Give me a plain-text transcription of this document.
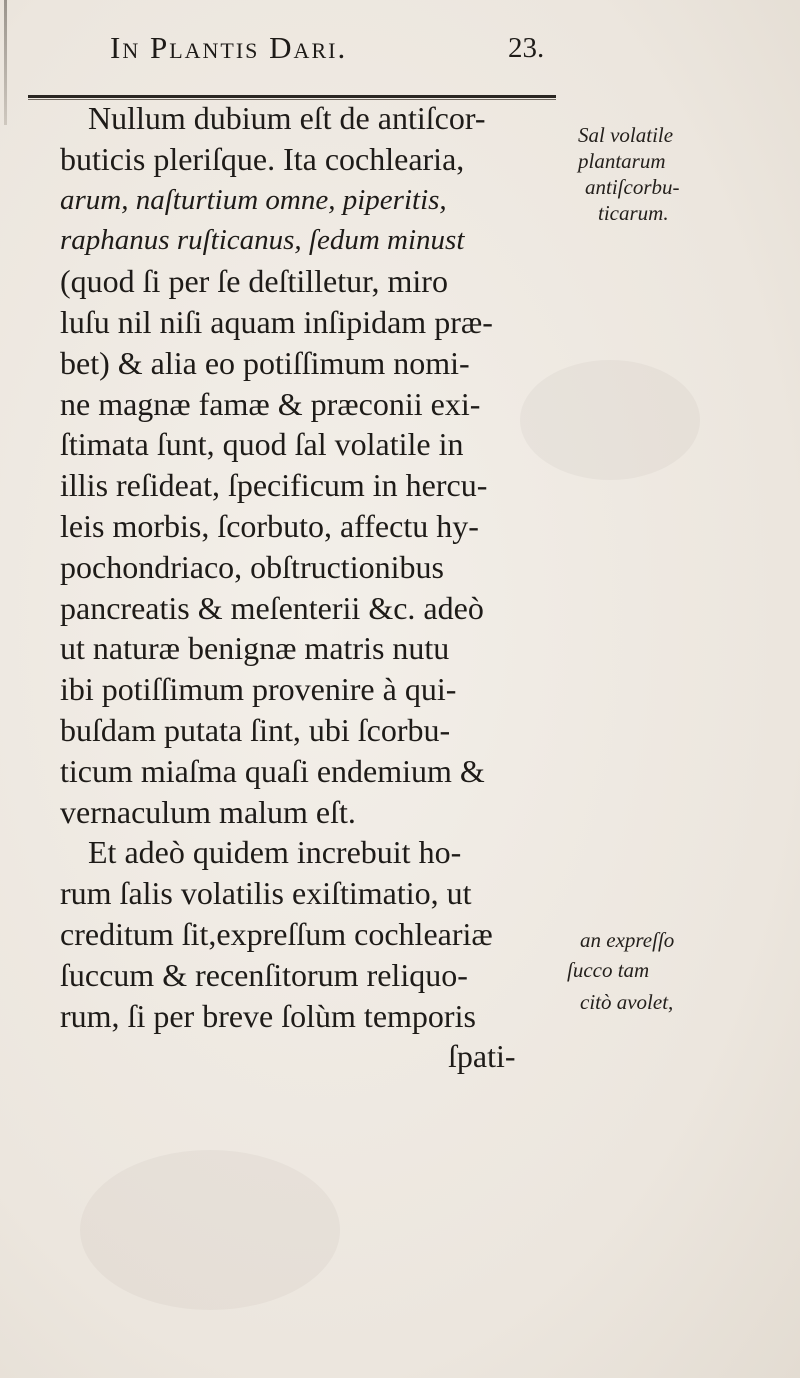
In Plantis Dari.	23.
Nullum dubium eſt de antiſcor-
buticis pleriſque. Ita cochlearia,
arum, naſturtium omne, piperitis,
raphanus ruſticanus, ſedum minust
(quod ſi per ſe deſtilletur, miro
luſu nil niſi aquam inſipidam præ-
bet) & alia eo potiſſimum nomi-
ne magnæ famæ & præconii exi-
ſtimata ſunt, quod ſal volatile in
illis reſideat, ſpecificum in hercu-
leis morbis, ſcorbuto, affectu hy-
pochondriaco, obſtructionibus
pancreatis & meſenterii &c. adeò
ut naturæ benignæ matris nutu
ibi potiſſimum provenire à qui-
buſdam putata ſint, ubi ſcorbu-
ticum miaſma quaſi endemium &
vernaculum malum eſt.
Et adeò quidem increbuit ho-
rum ſalis volatilis exiſtimatio, ut
creditum ſit,expreſſum cochleariæ
ſuccum & recenſitorum reliquo-
rum, ſi per breve ſolùm temporis
ſpati-
Sal volatile
plantarum
antiſcorbu-
ticarum.
an expreſſo
ſucco tam
citò avolet,
